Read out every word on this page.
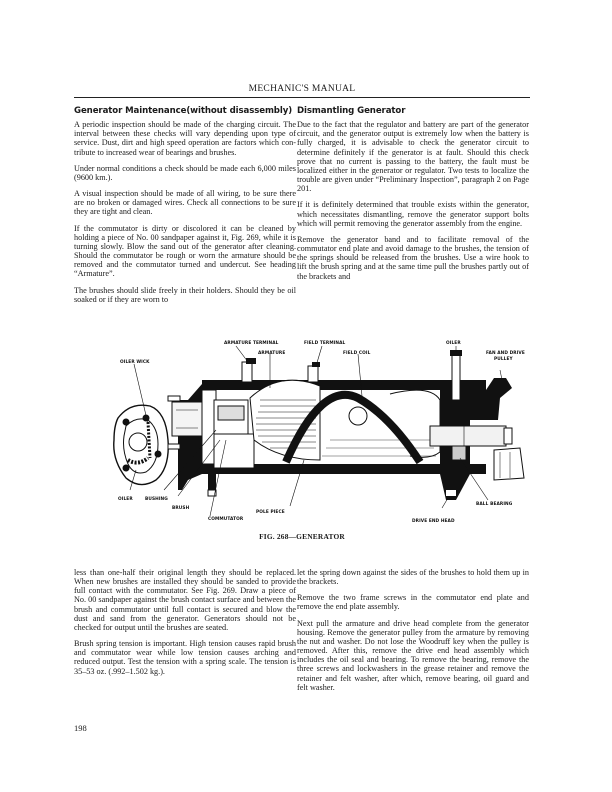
MECHANIC'S MANUAL
Generator Maintenance(without disassembly)

A periodic inspection should be made of the charging circuit. The interval between these checks will vary depending upon type of service. Dust, dirt and high speed operation are factors which contribute to increased wear of bearings and brushes.

Under normal conditions a check should be made each 6,000 miles (9600 km.).

A visual inspection should be made of all wiring, to be sure there are no broken or damaged wires. Check all connections to be sure they are tight and clean.

If the commutator is dirty or discolored it can be cleaned by holding a piece of No. 00 sandpaper against it, Fig. 269, while it is turning slowly. Blow the sand out of the generator after cleaning. Should the commutator be rough or worn the armature should be removed and the commutator turned and undercut. See heading “Armature”.

The brushes should slide freely in their holders. Should they be oil soaked or if they are worn to

Dismantling Generator

Due to the fact that the regulator and battery are part of the generator circuit, and the generator output is extremely low when the battery is fully charged, it is advisable to check the generator circuit to determine definitely if the generator is at fault. Should this check prove that no current is passing to the battery, the fault must be localized either in the generator or regulator. Two tests to localize the trouble are given under “Preliminary Inspection”, paragraph 2 on Page 201.

If it is definitely determined that trouble exists within the generator, which necessitates dismantling, remove the generator support bolts which will permit removing the generator assembly from the engine.

Remove the generator band and to facilitate removal of the commutator end plate and avoid damage to the brushes, the tension of the springs should be released from the brushes. Use a wire hook to lift the brush spring and at the same time pull the brushes partly out of the brackets and

ARMATURE TERMINAL
ARMATURE
FIELD TERMINAL
FIELD COIL
OILER
FAN AND DRIVE
PULLEY
OILER WICK
OILER	BUSHING
BRUSH
COMMUTATOR
POLE PIECE
DRIVE END HEAD
BALL BEARING
FIG. 268—GENERATOR

less than one-half their original length they should be replaced. When new brushes are installed they should be sanded to provide full contact with the commutator. See Fig. 269. Draw a piece of No. 00 sandpaper against the brush contact surface and between the brush and commutator until full contact is secured and blow the dust and sand from the generator. Generators should not be checked for output until the brushes are seated.

Brush spring tension is important. High tension causes rapid brush and commutator wear while low tension causes arching and reduced output. Test the tension with a spring scale. The tension is 35–53 oz. (.992–1.502 kg.).

let the spring down against the sides of the brushes to hold them up in the brackets.

Remove the two frame screws in the commutator end plate and remove the end plate assembly.

Next pull the armature and drive head complete from the generator housing. Remove the generator pulley from the armature by removing the nut and washer. Do not lose the Woodruff key when the pulley is removed. After this, remove the drive end head assembly which includes the oil seal and bearing. To remove the bearing, remove the three screws and lockwashers in the grease retainer and remove the retainer and felt washer, after which, remove bearing, oil guard and felt washer.

198
